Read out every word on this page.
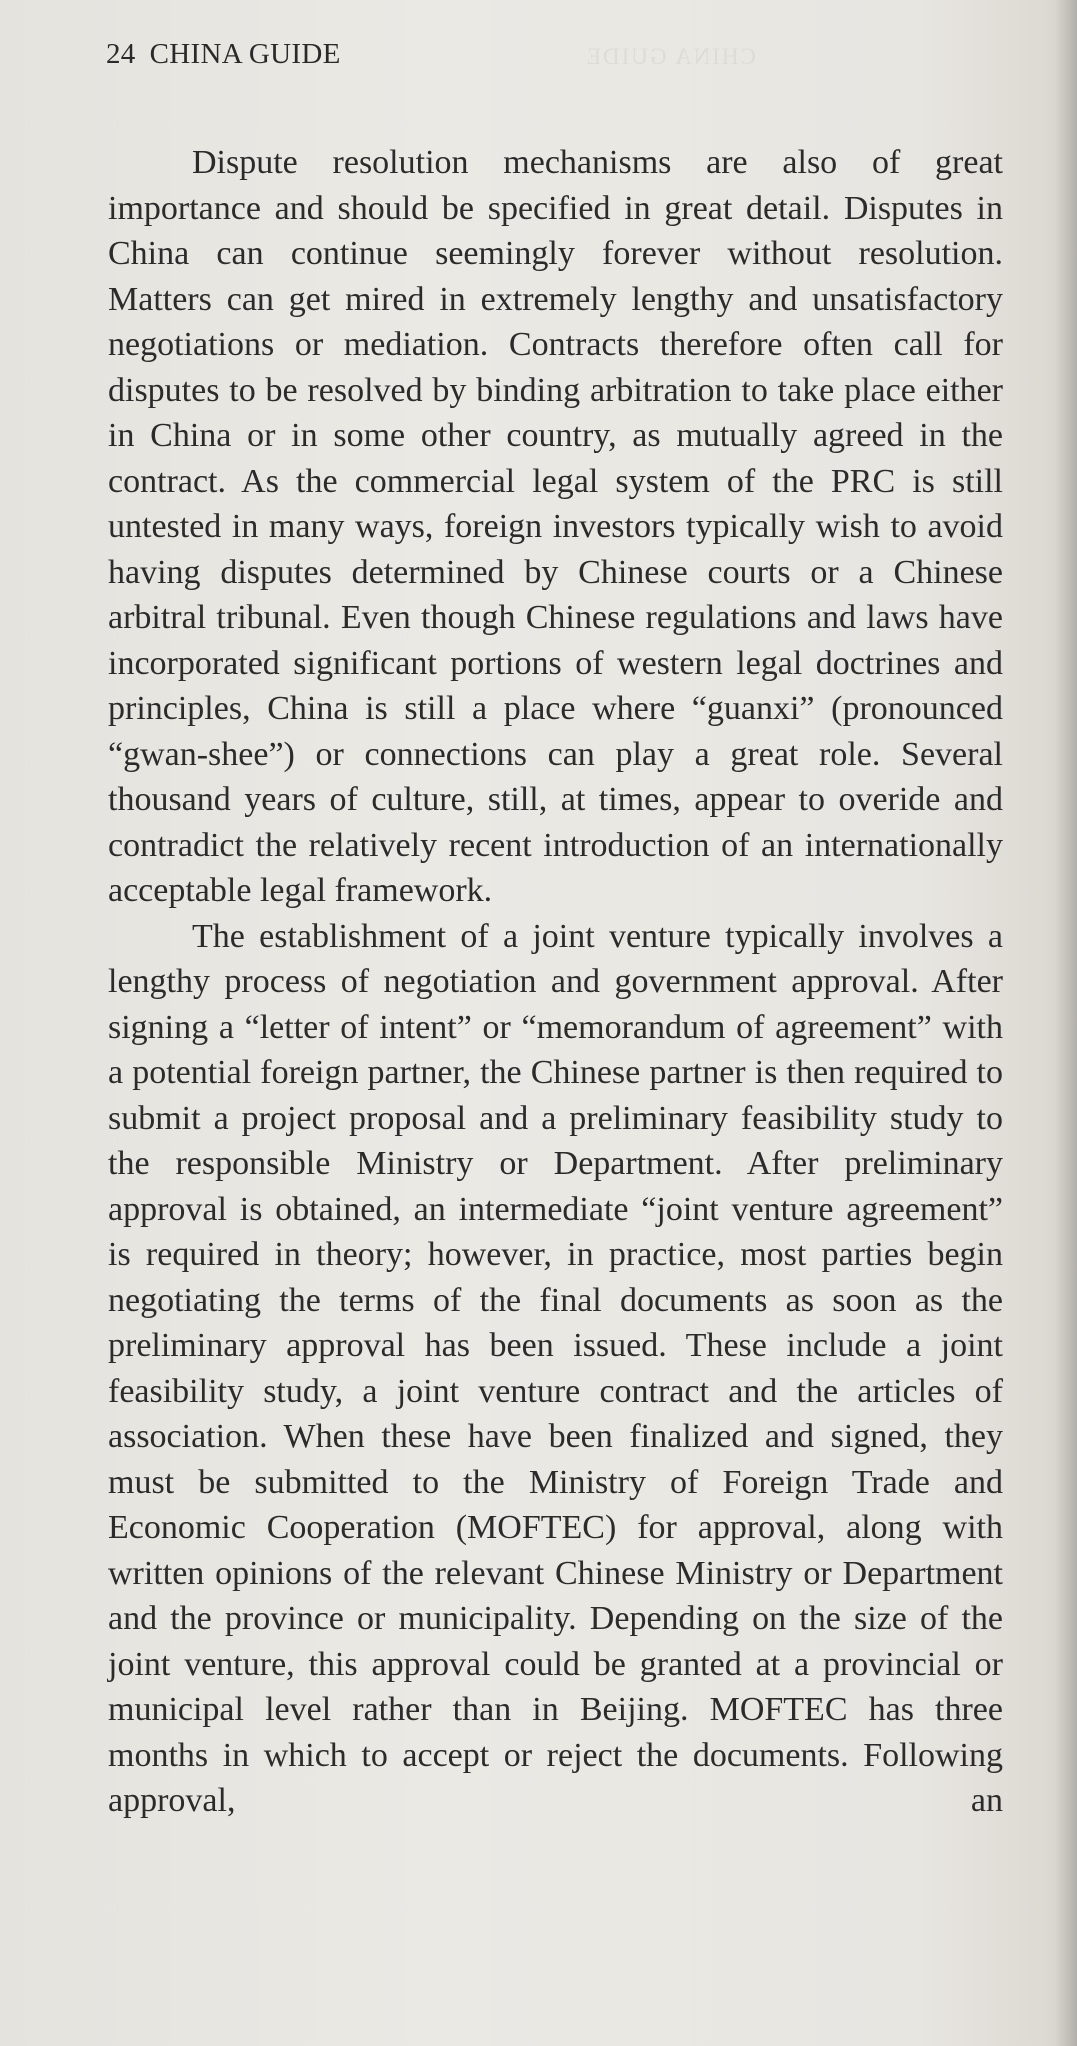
24 CHINA GUIDE	CHINA GUIDE

Dispute resolution mechanisms are also of great importance and should be specified in great detail. Disputes in China can continue seemingly forever without resolution. Matters can get mired in extremely lengthy and unsatisfactory negotiations or mediation. Contracts therefore often call for disputes to be resolved by binding arbitration to take place either in China or in some other country, as mutually agreed in the contract. As the commercial legal system of the PRC is still untested in many ways, foreign investors typically wish to avoid having disputes determined by Chinese courts or a Chinese arbitral tribunal. Even though Chinese regulations and laws have incorporated significant portions of western legal doctrines and principles, China is still a place where “guanxi” (pronounced “gwan-shee”) or connections can play a great role. Several thousand years of culture, still, at times, appear to overide and contradict the relatively recent introduction of an internationally acceptable legal framework.

The establishment of a joint venture typically involves a lengthy process of negotiation and government approval. After signing a “letter of intent” or “memorandum of agreement” with a potential foreign partner, the Chinese partner is then required to submit a project proposal and a preliminary feasibility study to the responsible Ministry or Department. After preliminary approval is obtained, an intermediate “joint venture agreement” is required in theory; however, in practice, most parties begin negotiating the terms of the final documents as soon as the preliminary approval has been issued. These include a joint feasibility study, a joint venture contract and the articles of association. When these have been finalized and signed, they must be submitted to the Ministry of Foreign Trade and Economic Cooperation (MOFTEC) for approval, along with written opinions of the relevant Chinese Ministry or Department and the province or municipality. Depending on the size of the joint venture, this approval could be granted at a provincial or municipal level rather than in Beijing. MOFTEC has three months in which to accept or reject the documents. Following approval, an
